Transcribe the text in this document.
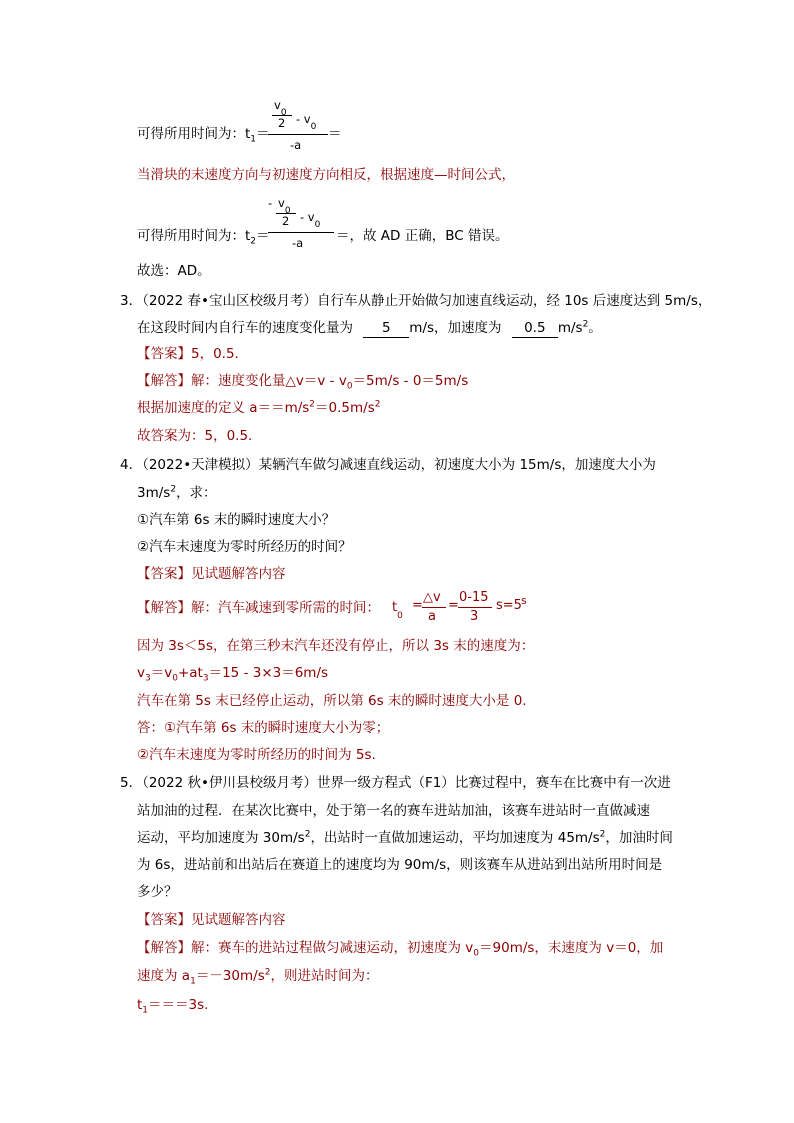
$v_0$
$2 - v_0$
-a
可得所用时间为：$t_1=$	＝
当滑块的末速度方向与初速度方向相反，根据速度—时间公式，
- $v_0$
$2 - v_0$
-a
可得所用时间为：$t_2=$	＝，故 AD 正确，BC 错误。
故选：AD。
3．（2022 春•宝山区校级月考）自行车从静止开始做匀加速直线运动，经 10s 后速度达到 5m/s，
在这段时间内自行车的速度变化量为 5 m/s，加速度为 0.5 $m/s^2$。
【答案】5，0.5.
【解答】解：速度变化量△v＝v - $v_0=5m/s - 0=5m/s$
根据加速度的定义 $a==m/s^2=0.5m/s^2$
故答案为：5，0.5.
4．（2022•天津模拟）某辆汽车做匀减速直线运动，初速度大小为 15m/s，加速度大小为
$3m/s^2$，求：
①汽车第 6s 末的瞬时速度大小？
②汽车末速度为零时所经历的时间？
【答案】见试题解答内容
【解答】解：汽车减速到零所需的时间： $t_0$
=
△v
a
=
0-15
3
s=5 s
因为 3s＜5s，在第三秒末汽车还没有停止，所以 3s 末的速度为：
$v_3=v_0+at_3=15 - 3\times 3=6m/s$
汽车在第 5s 末已经停止运动，所以第 6s 末的瞬时速度大小是 0.
答：①汽车第 6s 末的瞬时速度大小为零；
②汽车末速度为零时所经历的时间为 5s.
5．（2022 秋•伊川县校级月考）世界一级方程式（F1）比赛过程中，赛车在比赛中有一次进
站加油的过程．在某次比赛中，处于第一名的赛车进站加油，该赛车进站时一直做减速
运动，平均加速度为 $30m/s^2$，出站时一直做加速运动，平均加速度为 $45m/s^2$，加油时间
为 6s，进站前和出站后在赛道上的速度均为 90m/s，则该赛车从进站到出站所用时间是
多少？
【答案】见试题解答内容
【解答】解：赛车的进站过程做匀减速运动，初速度为 $v_0=90m/s$，末速度为 v＝0，加
速度为 $a_1=-30m/s^2$，则进站时间为：
$t_1===3s$.
